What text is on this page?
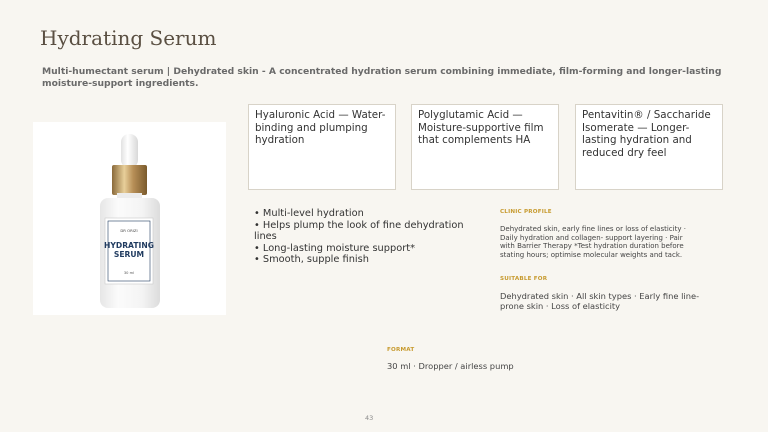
Hydrating Serum
Multi-humectant serum | Dehydrated skin - A concentrated hydration serum combining immediate, film-forming and longer-lasting moisture-support ingredients.
DR ORIZI
HYDRATING
SERUM
30 ml
Hyaluronic Acid — Water-binding and plumping hydration
Polyglutamic Acid — Moisture-supportive film that complements HA
Pentavitin® / Saccharide Isomerate — Longer-lasting hydration and reduced dry feel
• Multi-level hydration
• Helps plump the look of fine dehydration lines
• Long-lasting moisture support*
• Smooth, supple finish
CLINIC PROFILE
Dehydrated skin, early fine lines or loss of elasticity · Daily hydration and collagen- support layering · Pair with Barrier Therapy *Test hydration duration before stating hours; optimise molecular weights and tack.
SUITABLE FOR
Dehydrated skin · All skin types · Early fine line-prone skin · Loss of elasticity
FORMAT
30 ml · Dropper / airless pump
43
